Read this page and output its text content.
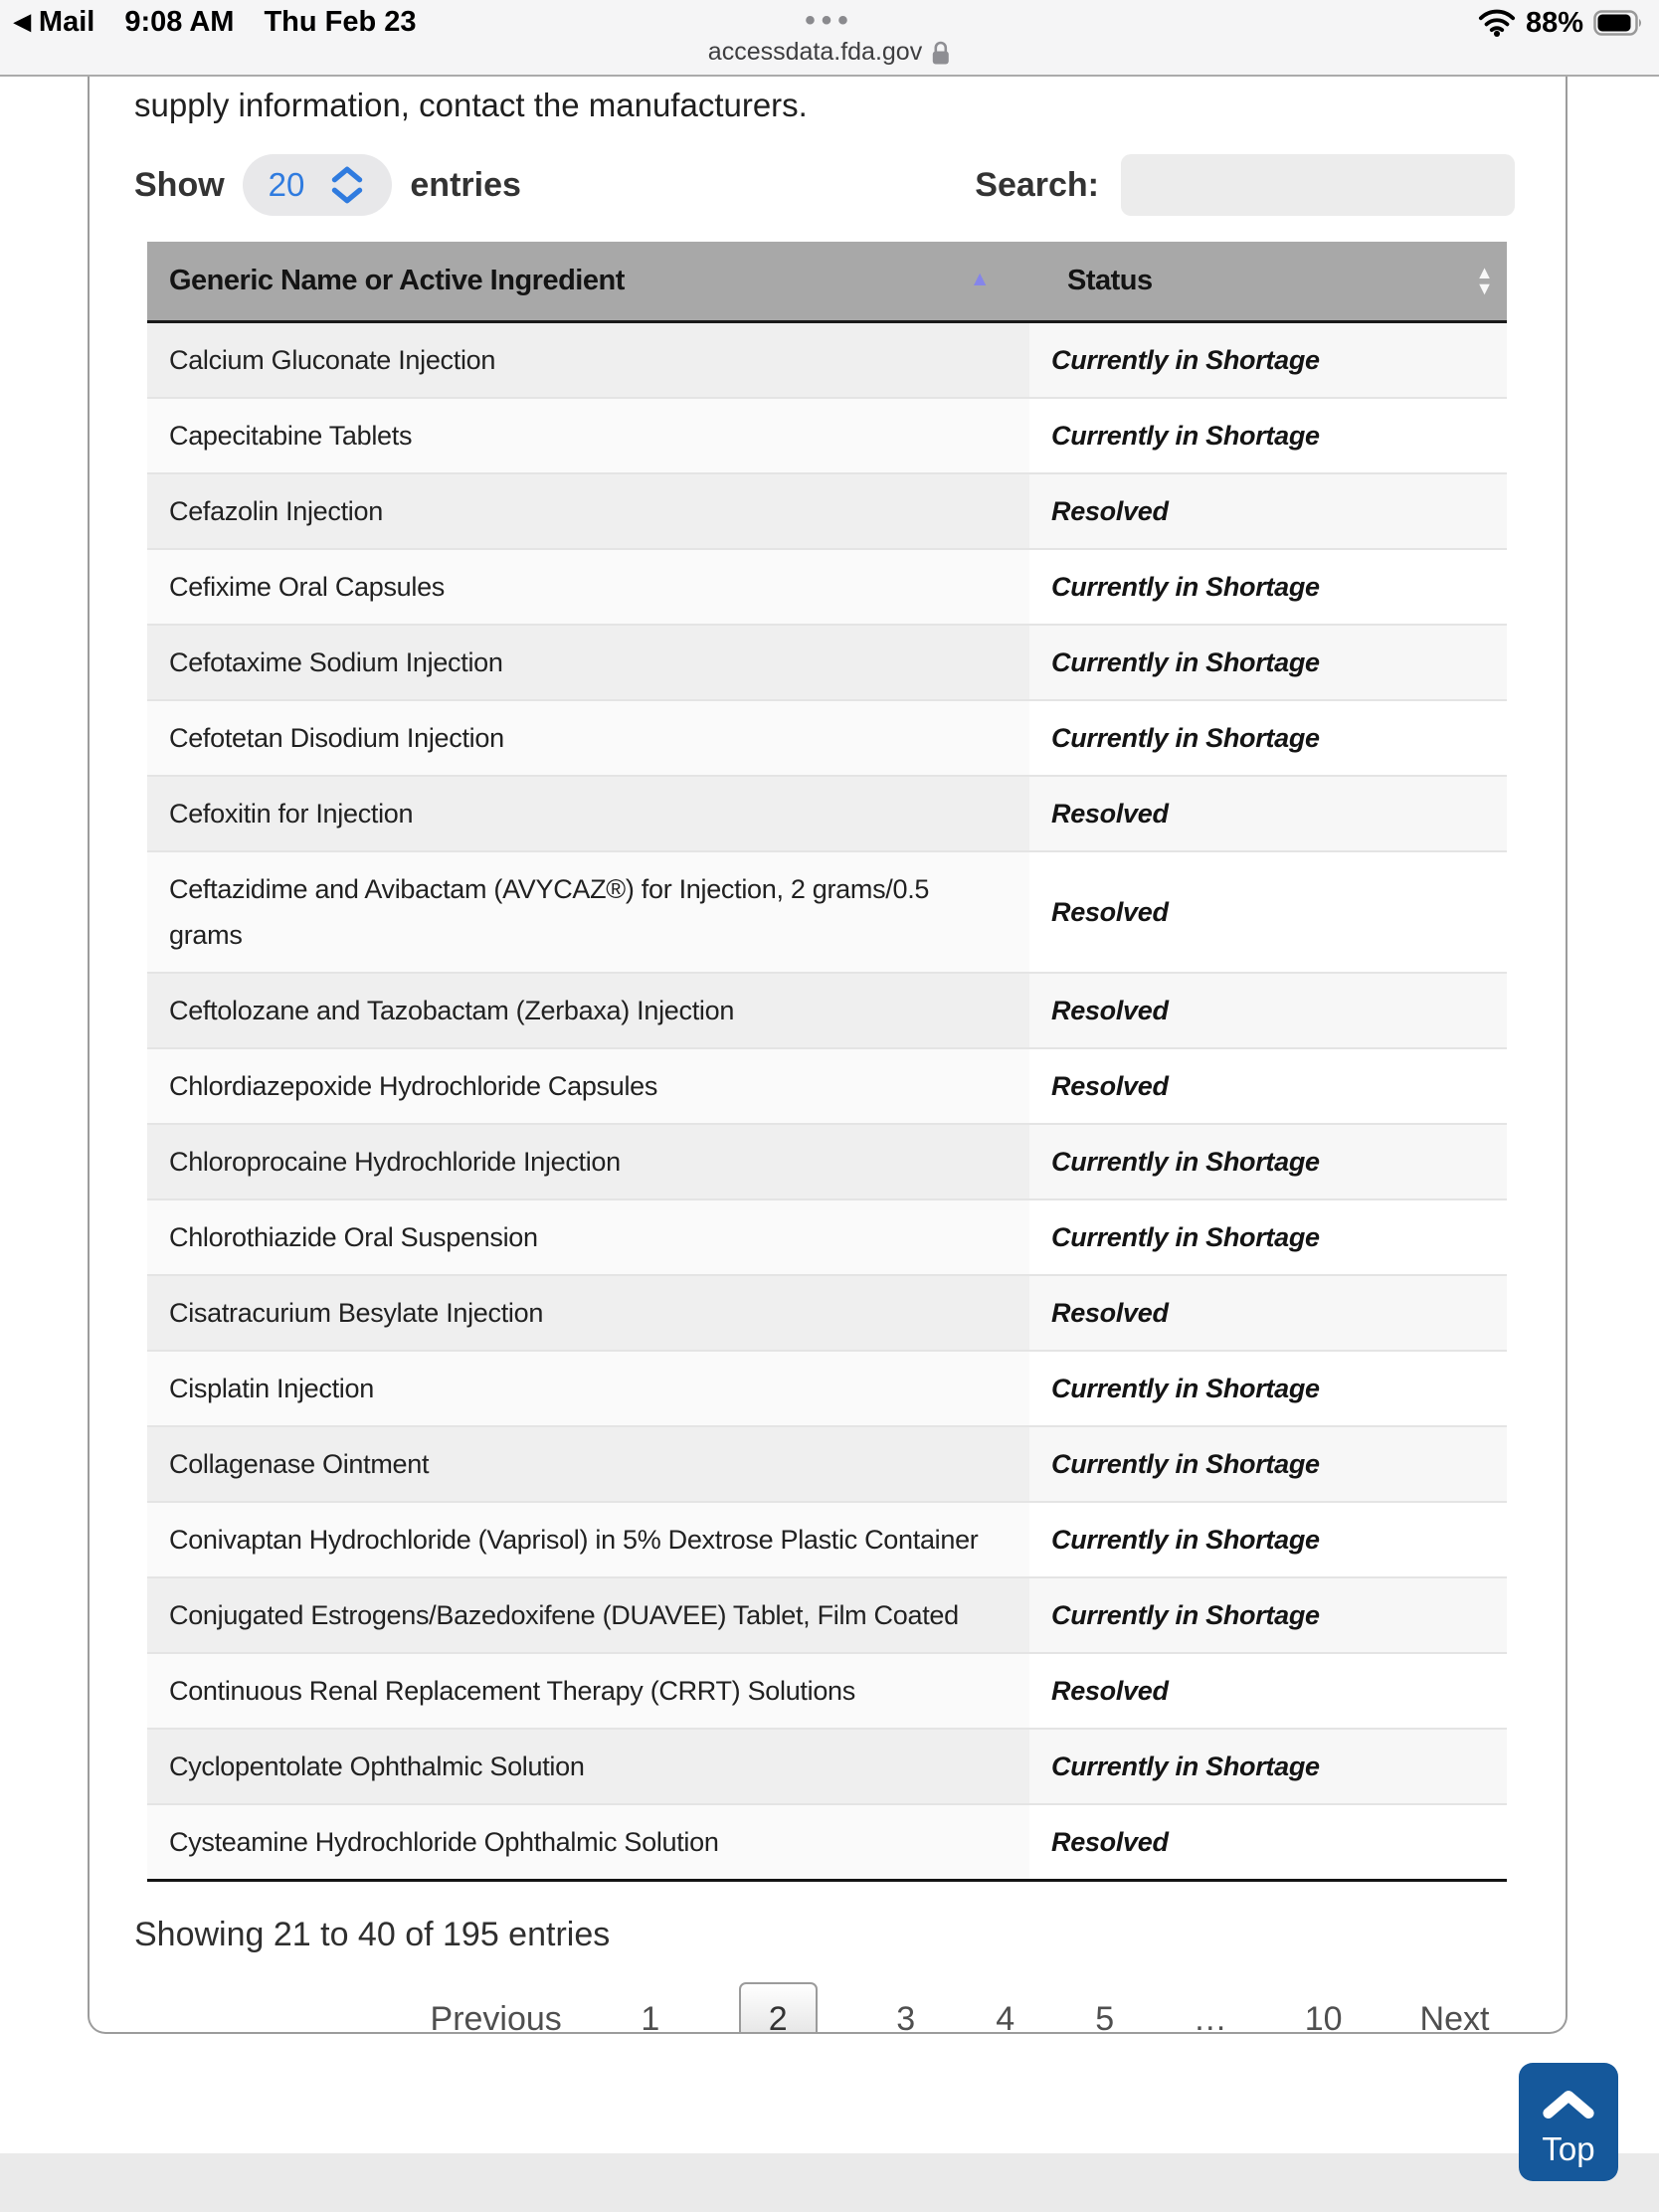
◀ Mail 9:08 AM Thu Feb 23	•••
accessdata.fda.gov
88%
supply information, contact the manufacturers.
Show 20	entries	Search:
Generic Name or Active Ingredient ▲	Status ▲
▼

Calcium Gluconate Injection	Currently in Shortage
Capecitabine Tablets	Currently in Shortage
Cefazolin Injection	Resolved
Cefixime Oral Capsules	Currently in Shortage
Cefotaxime Sodium Injection	Currently in Shortage
Cefotetan Disodium Injection	Currently in Shortage
Cefoxitin for Injection	Resolved
Ceftazidime and Avibactam (AVYCAZ®) for Injection, 2 grams/0.5 grams	Resolved
Ceftolozane and Tazobactam (Zerbaxa) Injection	Resolved
Chlordiazepoxide Hydrochloride Capsules	Resolved
Chloroprocaine Hydrochloride Injection	Currently in Shortage
Chlorothiazide Oral Suspension	Currently in Shortage
Cisatracurium Besylate Injection	Resolved
Cisplatin Injection	Currently in Shortage
Collagenase Ointment	Currently in Shortage
Conivaptan Hydrochloride (Vaprisol) in 5% Dextrose Plastic Container	Currently in Shortage
Conjugated Estrogens/Bazedoxifene (DUAVEE) Tablet, Film Coated	Currently in Shortage
Continuous Renal Replacement Therapy (CRRT) Solutions	Resolved
Cyclopentolate Ophthalmic Solution	Currently in Shortage
Cysteamine Hydrochloride Ophthalmic Solution	Resolved
Showing 21 to 40 of 195 entries
Previous 1	2	3 4 5 … 10 Next
Top
